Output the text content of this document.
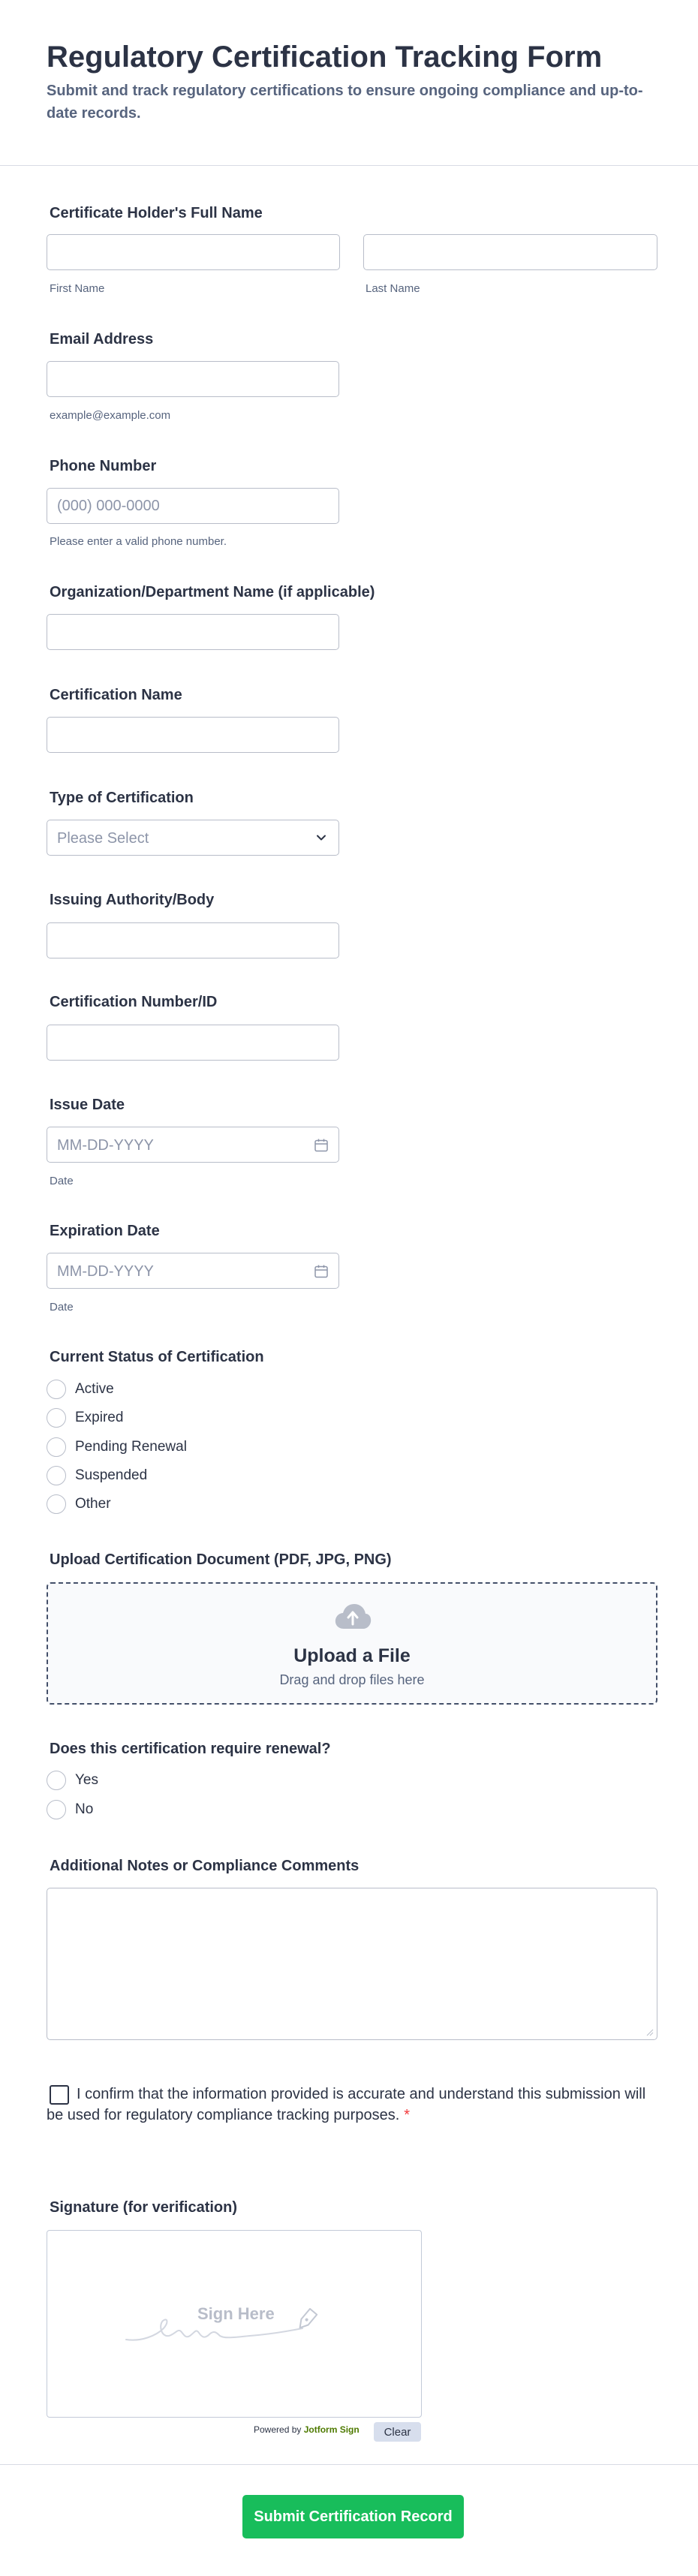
Regulatory Certification Tracking Form
Submit and track regulatory certifications to ensure ongoing compliance and up-to-date records.
Certificate Holder's Full Name
First Name	Last Name
Email Address
example@example.com
Phone Number
(000) 000-0000
Please enter a valid phone number.
Organization/Department Name (if applicable)
Certification Name
Type of Certification
Please Select
Issuing Authority/Body
Certification Number/ID
Issue Date
MM-DD-YYYY
Date
Expiration Date
MM-DD-YYYY
Date
Current Status of Certification
Active
Expired
Pending Renewal
Suspended
Other
Upload Certification Document (PDF, JPG, PNG)
Upload a File
Drag and drop files here
Does this certification require renewal?
Yes
No
Additional Notes or Compliance Comments
I confirm that the information provided is accurate and understand this submission will be used for regulatory compliance tracking purposes. *
Signature (for verification)
Sign Here
Powered by Jotform Sign	Clear
Submit Certification Record
